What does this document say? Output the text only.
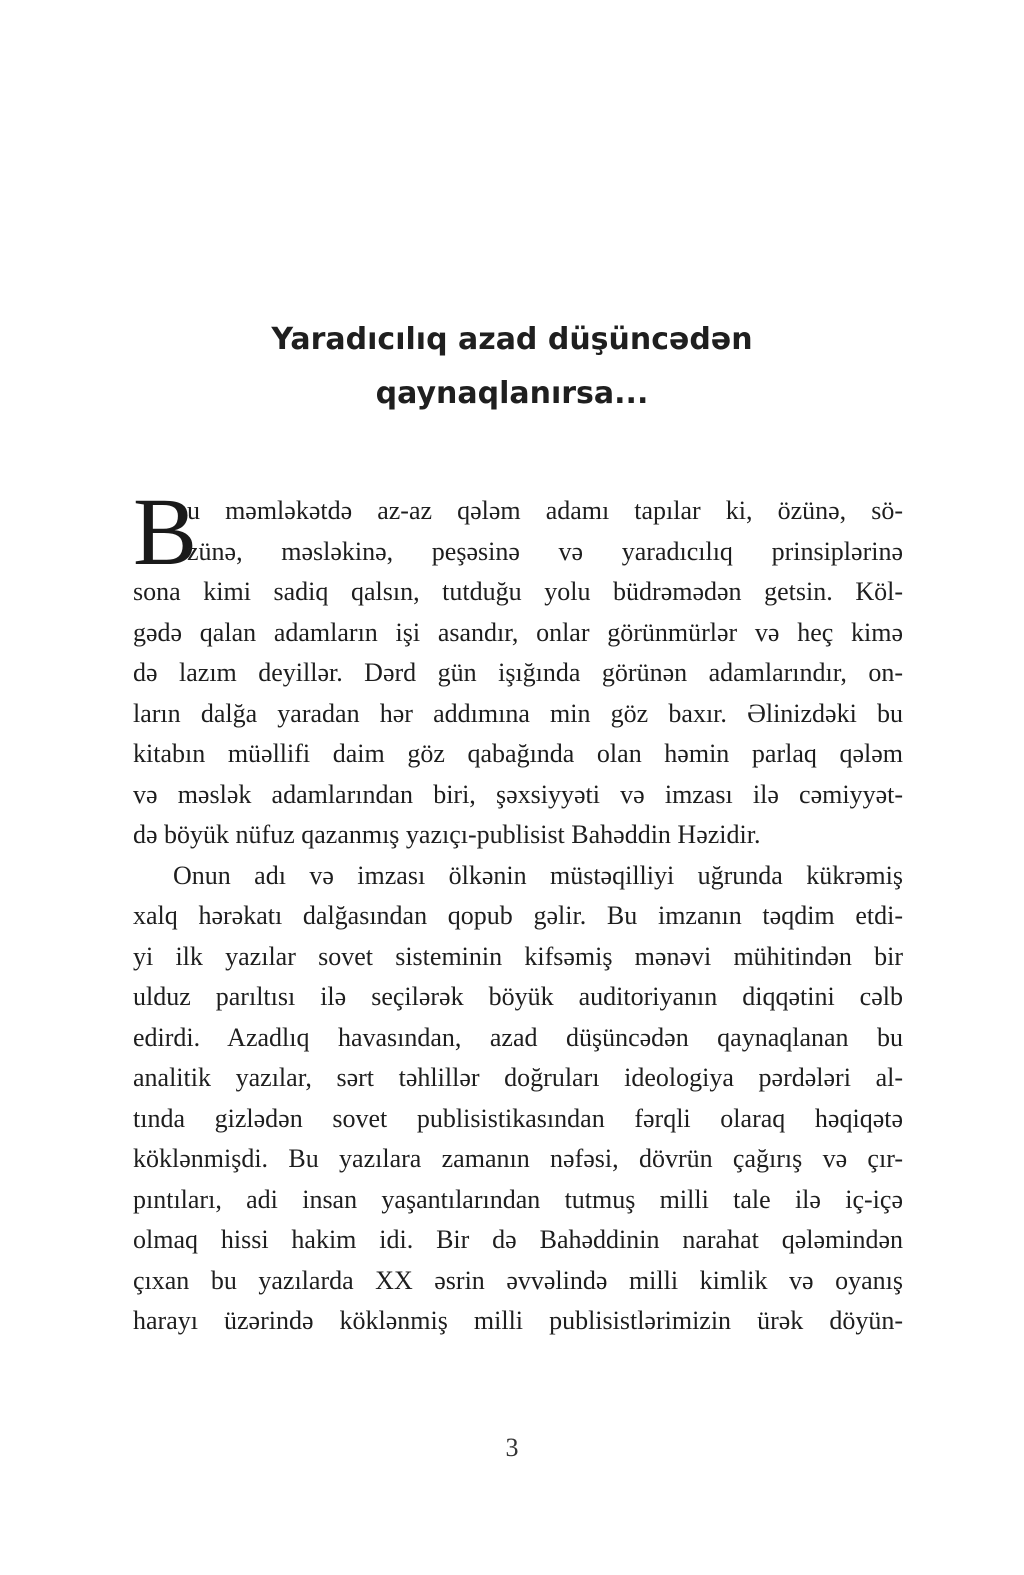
Yaradıcılıq azad düşüncədən
qaynaqlanırsa...
B
u məmləkətdə az-az qələm adamı tapılar ki, özünə, sö-
zünə, məsləkinə, peşəsinə və yaradıcılıq prinsiplərinə
sona kimi sadiq qalsın, tutduğu yolu büdrəmədən getsin. Köl-
gədə qalan adamların işi asandır, onlar görünmürlər və heç kimə
də lazım deyillər. Dərd gün işığında görünən adamlarındır, on-
ların dalğa yaradan hər addımına min göz baxır. Əlinizdəki bu
kitabın müəllifi daim göz qabağında olan həmin parlaq qələm
və məslək adamlarından biri, şəxsiyyəti və imzası ilə cəmiyyət-
də böyük nüfuz qazanmış yazıçı-publisist Bahəddin Həzidir.
Onun adı və imzası ölkənin müstəqilliyi uğrunda kükrəmiş
xalq hərəkatı dalğasından qopub gəlir. Bu imzanın təqdim etdi-
yi ilk yazılar sovet sisteminin kifsəmiş mənəvi mühitindən bir
ulduz parıltısı ilə seçilərək böyük auditoriyanın diqqətini cəlb
edirdi. Azadlıq havasından, azad düşüncədən qaynaqlanan bu
analitik yazılar, sərt təhlillər doğruları ideologiya pərdələri al-
tında gizlədən sovet publisistikasından fərqli olaraq həqiqətə
köklənmişdi. Bu yazılara zamanın nəfəsi, dövrün çağırış və çır-
pıntıları, adi insan yaşantılarından tutmuş milli tale ilə iç-içə
olmaq hissi hakim idi. Bir də Bahəddinin narahat qələmindən
çıxan bu yazılarda XX əsrin əvvəlində milli kimlik və oyanış
harayı üzərində köklənmiş milli publisistlərimizin ürək döyün-
3
